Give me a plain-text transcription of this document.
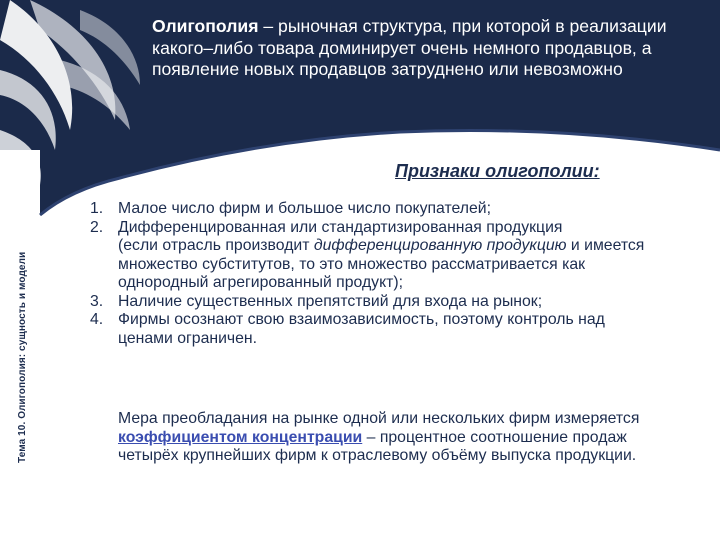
Тема 10. Олигополия: сущность и модели
Олигополия – рыночная структура, при которой в реализации какого–либо товара доминирует очень немного продавцов, а появление новых продавцов затруднено или невозможно
Признаки олигополии:
1. Малое число фирм и большое число покупателей;
2. Дифференцированная или стандартизированная продукция
(если отрасль производит дифференцированную продукцию и имеется множество субститутов, то это множество рассматривается как однородный агрегированный продукт);
3. Наличие существенных препятствий для входа на рынок;
4. Фирмы осознают свою взаимозависимость, поэтому контроль над ценами ограничен.
Мера преобладания на рынке одной или нескольких фирм измеряется коэффициентом концентрации – процентное соотношение продаж четырёх крупнейших фирм к отраслевому объёму выпуска продукции.
